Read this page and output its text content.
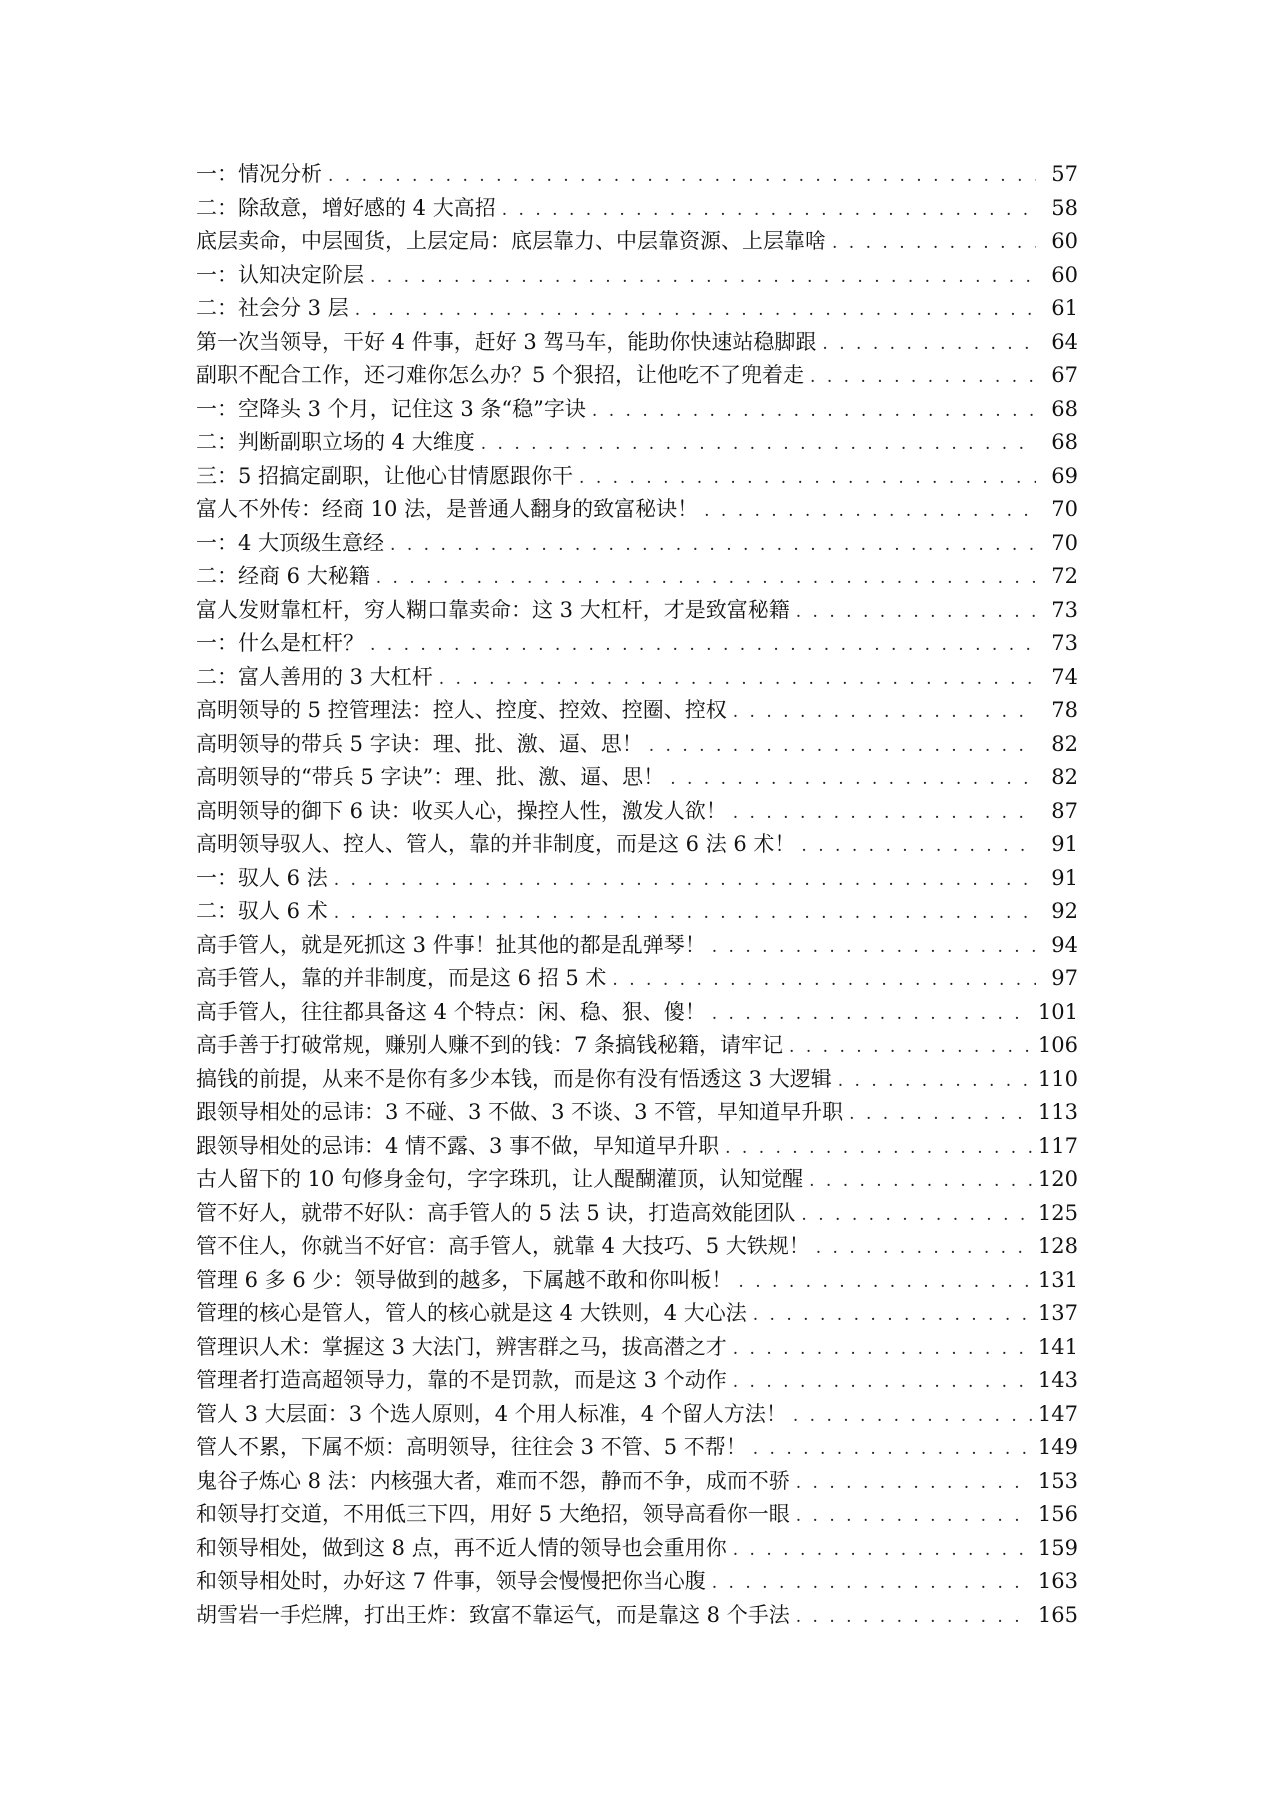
一：情况分析 . . .	57
二：除敌意，增好感的 4 大高招 . . .	58
底层卖命，中层囤货，上层定局：底层靠力、中层靠资源、上层靠啥 . . .	60
一：认知决定阶层 . . .	60
二：社会分 3 层 . . .	61
第一次当领导，干好 4 件事，赶好 3 驾马车，能助你快速站稳脚跟 . . .	64
副职不配合工作，还刁难你怎么办？5 个狠招，让他吃不了兜着走 . . .	67
一：空降头 3 个月，记住这 3 条“稳”字诀 . . .	68
二：判断副职立场的 4 大维度 . . .	68
三：5 招搞定副职，让他心甘情愿跟你干 . . .	69
富人不外传：经商 10 法，是普通人翻身的致富秘诀！ . . .	70
一：4 大顶级生意经 . . .	70
二：经商 6 大秘籍 . . .	72
富人发财靠杠杆，穷人糊口靠卖命：这 3 大杠杆，才是致富秘籍 . . .	73
一：什么是杠杆？ . . .	73
二：富人善用的 3 大杠杆 . . .	74
高明领导的 5 控管理法：控人、控度、控效、控圈、控权 . . .	78
高明领导的带兵 5 字诀：理、批、激、逼、思！ . . .	82
高明领导的“带兵 5 字诀”：理、批、激、逼、思！ . . .	82
高明领导的御下 6 诀：收买人心，操控人性，激发人欲！ . . .	87
高明领导驭人、控人、管人，靠的并非制度，而是这 6 法 6 术！ . . .	91
一：驭人 6 法 . . .	91
二：驭人 6 术 . . .	92
高手管人，就是死抓这 3 件事！扯其他的都是乱弹琴！ . . .	94
高手管人，靠的并非制度，而是这 6 招 5 术 . . .	97
高手管人，往往都具备这 4 个特点：闲、稳、狠、傻！ . . .	101
高手善于打破常规，赚别人赚不到的钱：7 条搞钱秘籍，请牢记 . . .	106
搞钱的前提，从来不是你有多少本钱，而是你有没有悟透这 3 大逻辑 . . .	110
跟领导相处的忌讳：3 不碰、3 不做、3 不谈、3 不管，早知道早升职 . . .	113
跟领导相处的忌讳：4 情不露、3 事不做，早知道早升职 . . .	117
古人留下的 10 句修身金句，字字珠玑，让人醍醐灌顶，认知觉醒 . . .	120
管不好人，就带不好队：高手管人的 5 法 5 诀，打造高效能团队 . . .	125
管不住人，你就当不好官：高手管人，就靠 4 大技巧、5 大铁规！ . . .	128
管理 6 多 6 少：领导做到的越多，下属越不敢和你叫板！ . . .	131
管理的核心是管人，管人的核心就是这 4 大铁则，4 大心法 . . .	137
管理识人术：掌握这 3 大法门，辨害群之马，拔高潜之才 . . .	141
管理者打造高超领导力，靠的不是罚款，而是这 3 个动作 . . .	143
管人 3 大层面：3 个选人原则，4 个用人标准，4 个留人方法！ . . .	147
管人不累，下属不烦：高明领导，往往会 3 不管、5 不帮！ . . .	149
鬼谷子炼心 8 法：内核强大者，难而不怨，静而不争，成而不骄 . . .	153
和领导打交道，不用低三下四，用好 5 大绝招，领导高看你一眼 . . .	156
和领导相处，做到这 8 点，再不近人情的领导也会重用你 . . .	159
和领导相处时，办好这 7 件事，领导会慢慢把你当心腹 . . .	163
胡雪岩一手烂牌，打出王炸：致富不靠运气，而是靠这 8 个手法 . . .	165
